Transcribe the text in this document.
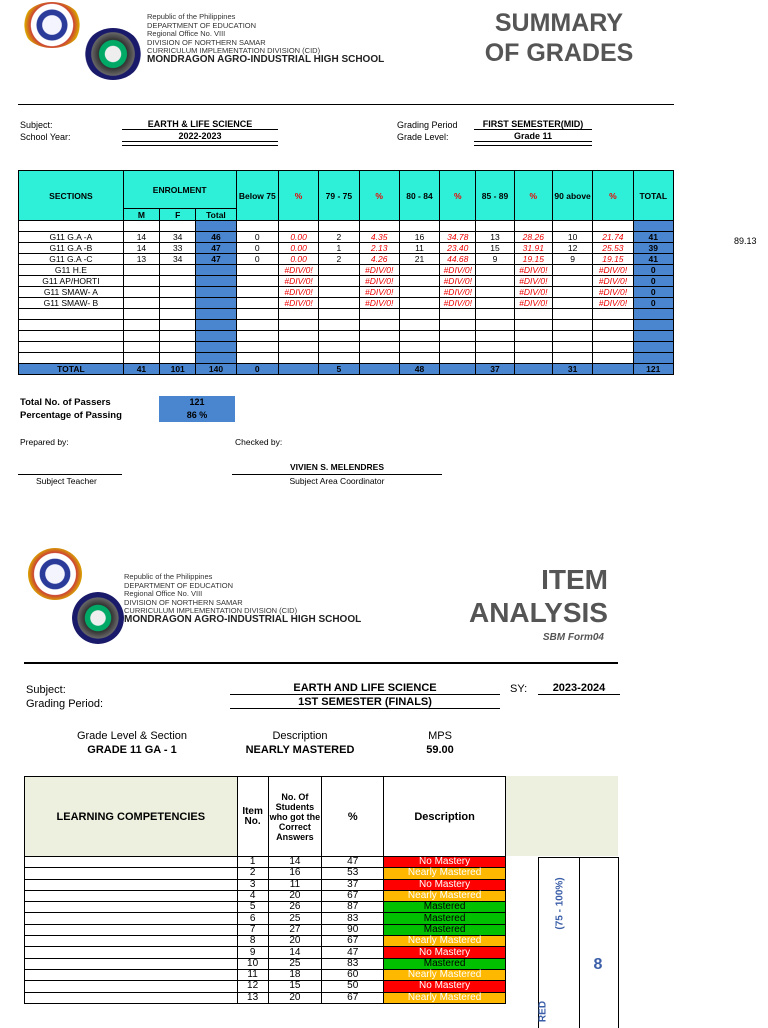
Republic of the Philippines
DEPARTMENT OF EDUCATION
Regional Office No. VIII
DIVISION OF NORTHERN SAMAR
CURRICULUM IMPLEMENTATION DIVISION (CID)
MONDRAGON AGRO-INDUSTRIAL HIGH SCHOOL
SUMMARY
OF GRADES
Subject:	EARTH & LIFE SCIENCE
School Year:	2022-2023
Grading Period	FIRST SEMESTER(MID)
Grade Level:	Grade 11
SECTIONS	ENROLMENT			Below 75	%	79 - 75	%	80 - 84	%	85 - 89	%	90 above	%	TOTAL
	M	F	Total											

G11 G.A -A	14	34	46	0	0.00	2	4.35	16	34.78	13	28.26	10	21.74	41
G11 G.A -B	14	33	47	0	0.00	1	2.13	11	23.40	15	31.91	12	25.53	39
G11 G.A -C	13	34	47	0	0.00	2	4.26	21	44.68	9	19.15	9	19.15	41
G11 H.E					#DIV/0!		#DIV/0!		#DIV/0!		#DIV/0!		#DIV/0!	0
G11 AP/HORTI					#DIV/0!		#DIV/0!		#DIV/0!		#DIV/0!		#DIV/0!	0
G11 SMAW- A					#DIV/0!		#DIV/0!		#DIV/0!		#DIV/0!		#DIV/0!	0
G11 SMAW- B					#DIV/0!		#DIV/0!		#DIV/0!		#DIV/0!		#DIV/0!	0

TOTAL	41	101	140	0		5		48		37		31		121
89.13
Total No. of Passers	121
Percentage of Passing	86 %
Prepared by:	Checked by:
Subject Teacher
VIVIEN S. MELENDRES
Subject Area Coordinator
Republic of the Philippines
DEPARTMENT OF EDUCATION
Regional Office No. VIII
DIVISION OF NORTHERN SAMAR
CURRICULUM IMPLEMENTATION DIVISION (CID)
MONDRAGON AGRO-INDUSTRIAL HIGH SCHOOL
ITEM
ANALYSIS
SBM Form04
Subject:	EARTH AND LIFE SCIENCE	SY:	2023-2024
Grading Period:	1ST SEMESTER (FINALS)
Grade Level & Section
GRADE 11 GA - 1
Description
NEARLY MASTERED
MPS
59.00
LEARNING COMPETENCIES	Item No.	No. Of Students who got the Correct Answers	%	Description
	1	14	47	No Mastery
	2	16	53	Nearly Mastered
	3	11	37	No Mastery
	4	20	67	Nearly Mastered
	5	26	87	Mastered
	6	25	83	Mastered
	7	27	90	Mastered
	8	20	67	Nearly Mastered
	9	14	47	No Mastery
	10	25	83	Mastered
	11	18	60	Nearly Mastered
	12	15	50	No Mastery
	13	20	67	Nearly Mastered
(75 - 100%)
8
RED
